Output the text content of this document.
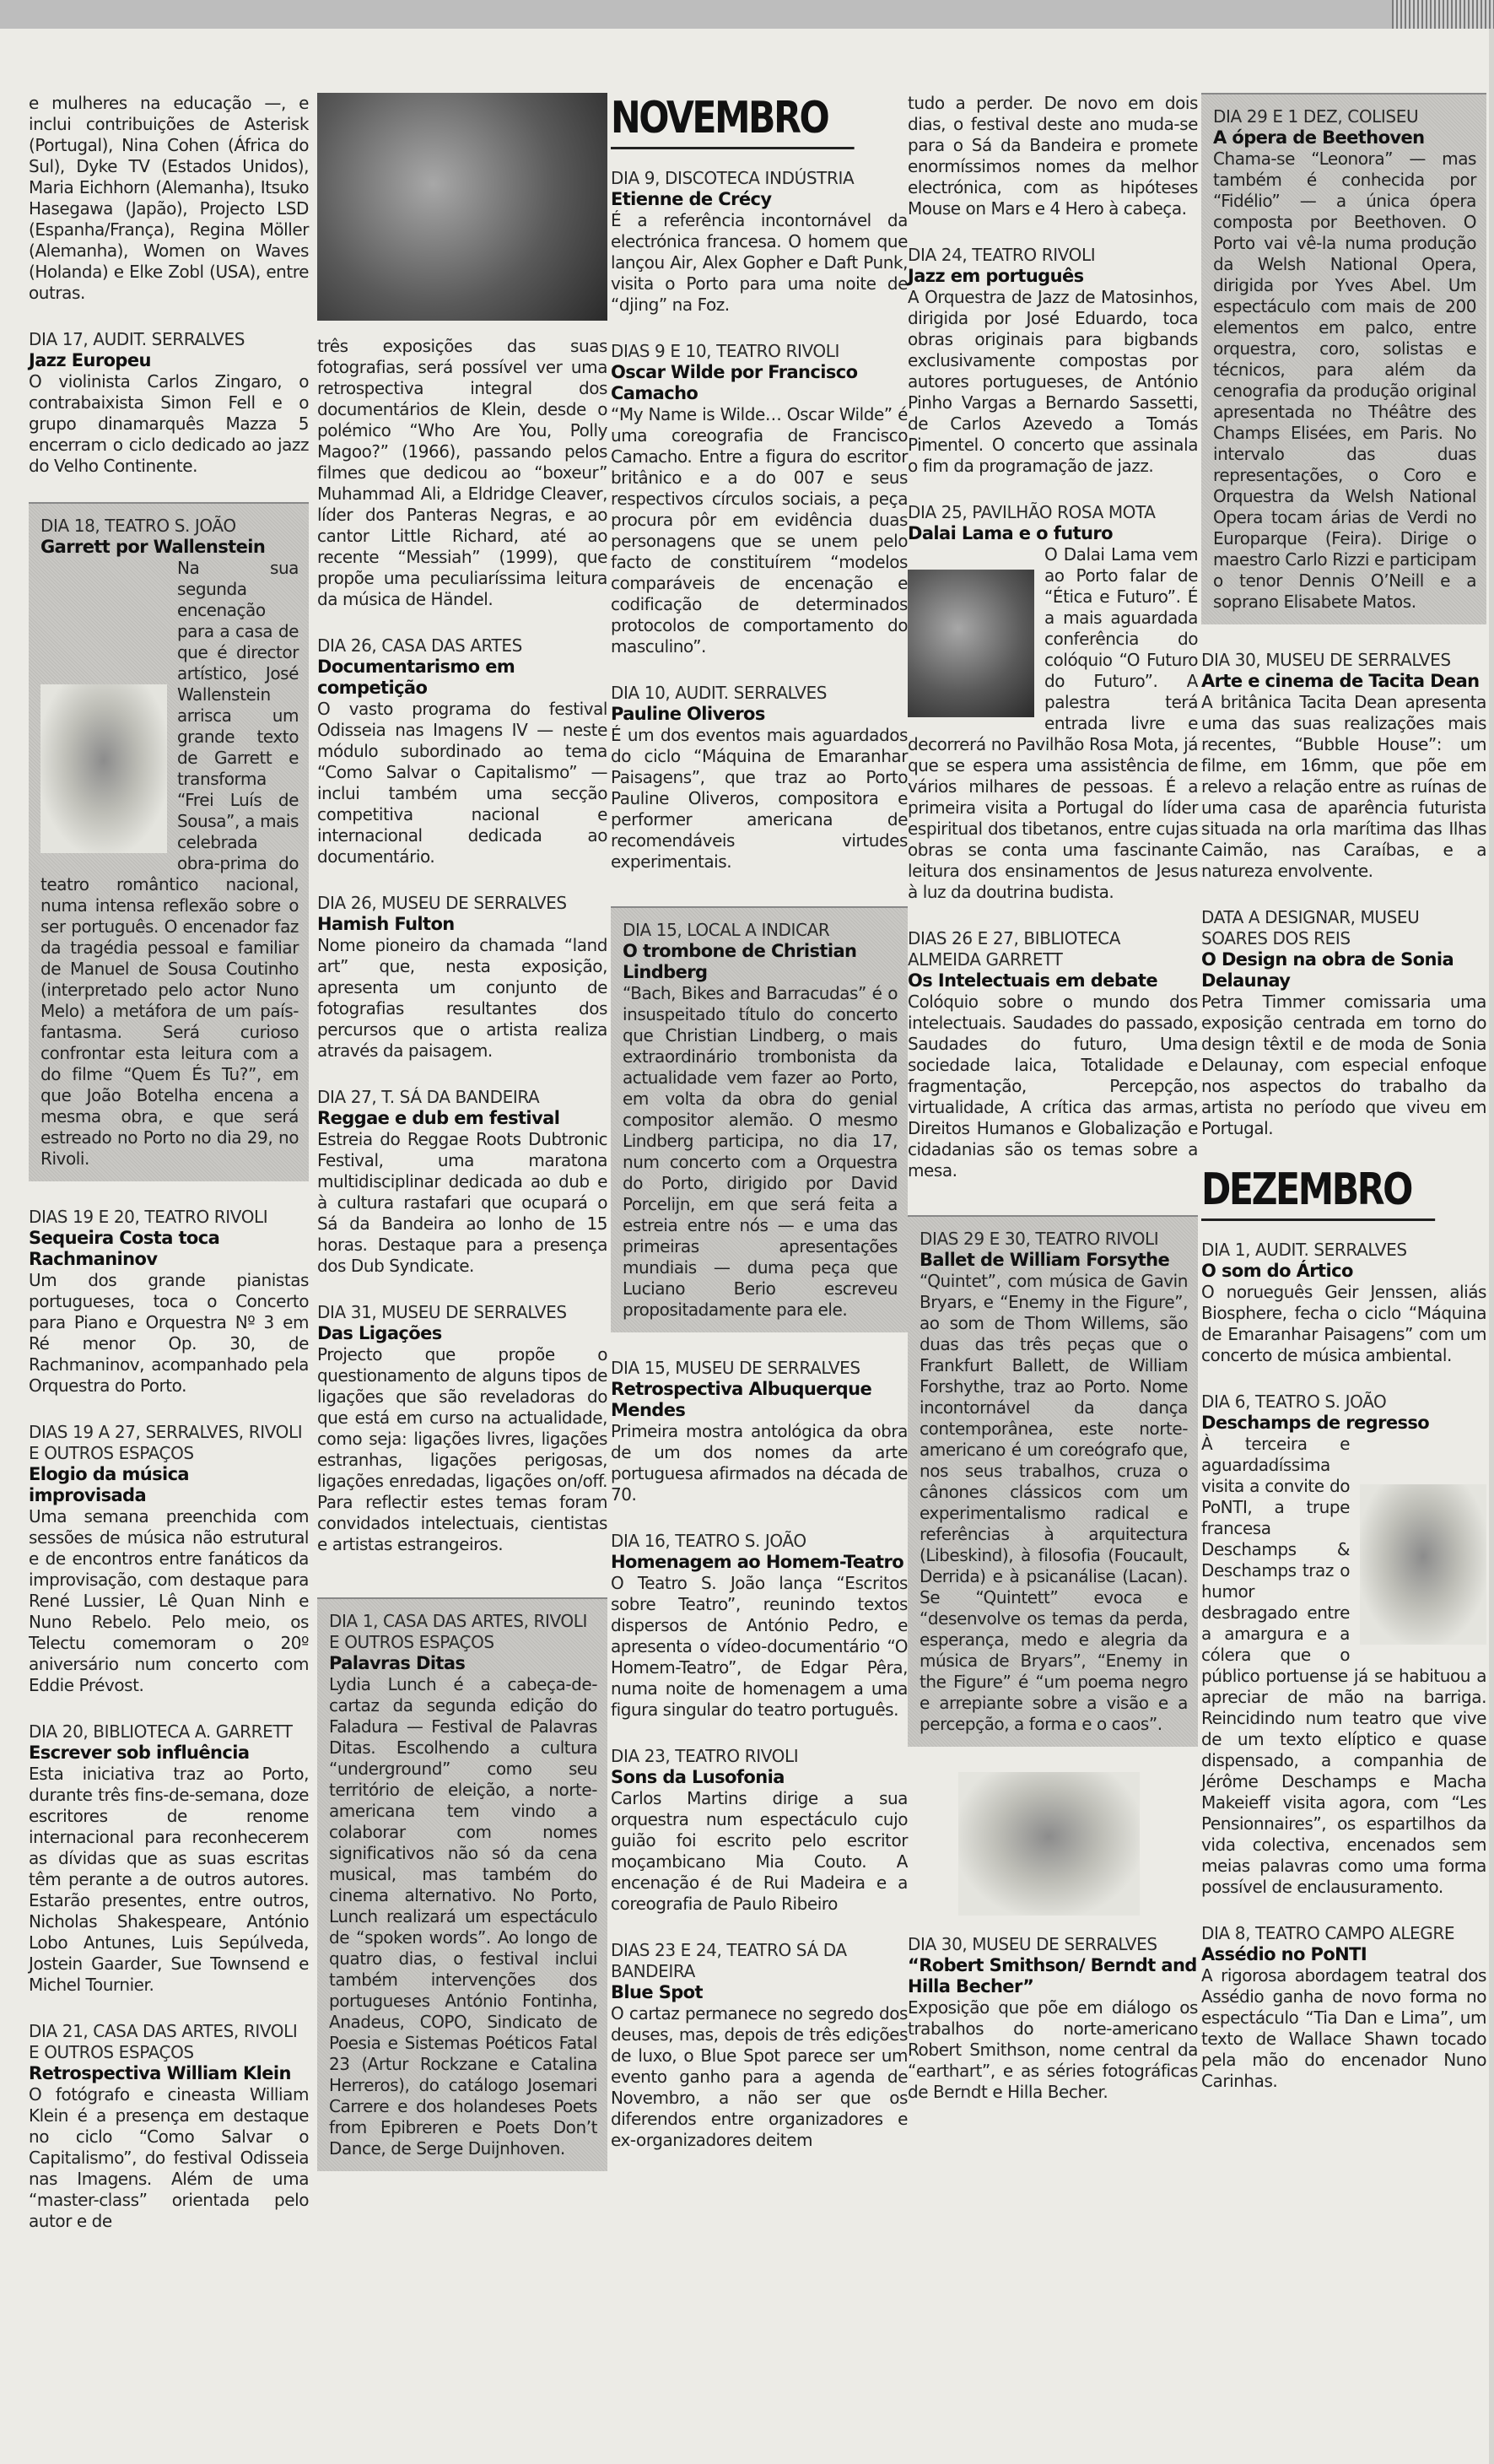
e mulheres na educação —, e inclui contribuições de Asterisk (Portugal), Nina Cohen (África do Sul), Dyke TV (Estados Unidos), Maria Eichhorn (Alemanha), Itsuko Hasegawa (Japão), Projecto LSD (Espanha/França), Regina Möller (Alemanha), Women on Waves (Holanda) e Elke Zobl (USA), entre outras.
DIA 17, AUDIT. SERRALVES
Jazz Europeu
O violinista Carlos Zingaro, o contrabaixista Simon Fell e o grupo dinamarquês Mazza 5 encerram o ciclo dedicado ao jazz do Velho Continente.
DIA 18, TEATRO S. JOÃO
Garrett por Wallenstein
Na sua segunda encenação para a casa de que é director artístico, José Wallenstein arrisca um grande texto de Garrett e transforma “Frei Luís de Sousa”, a mais celebrada obra-prima do teatro romântico nacional, numa intensa reflexão sobre o ser português. O encenador faz da tragédia pessoal e familiar de Manuel de Sousa Coutinho (interpretado pelo actor Nuno Melo) a metáfora de um país-fantasma. Será curioso confrontar esta leitura com a do filme “Quem És Tu?”, em que João Botelha encena a mesma obra, e que será estreado no Porto no dia 29, no Rivoli.
DIAS 19 E 20, TEATRO RIVOLI
Sequeira Costa toca Rachmaninov
Um dos grande pianistas portugueses, toca o Concerto para Piano e Orquestra Nº 3 em Ré menor Op. 30, de Rachmaninov, acompanhado pela Orquestra do Porto.
DIAS 19 A 27, SERRALVES, RIVOLI E OUTROS ESPAÇOS
Elogio da música improvisada
Uma semana preenchida com sessões de música não estrutural e de encontros entre fanáticos da improvisação, com destaque para René Lussier, Lê Quan Ninh e Nuno Rebelo. Pelo meio, os Telectu comemoram o 20º aniversário num concerto com Eddie Prévost.
DIA 20, BIBLIOTECA A. GARRETT
Escrever sob influência
Esta iniciativa traz ao Porto, durante três fins-de-semana, doze escritores de renome internacional para reconhecerem as dívidas que as suas escritas têm perante a de outros autores. Estarão presentes, entre outros, Nicholas Shakespeare, António Lobo Antunes, Luis Sepúlveda, Jostein Gaarder, Sue Townsend e Michel Tournier.
DIA 21, CASA DAS ARTES, RIVOLI E OUTROS ESPAÇOS
Retrospectiva William Klein
O fotógrafo e cineasta William Klein é a presença em destaque no ciclo “Como Salvar o Capitalismo”, do festival Odisseia nas Imagens. Além de uma “master-class” orientada pelo autor e de
três exposições das suas fotografias, será possível ver uma retrospectiva integral dos documentários de Klein, desde o polémico “Who Are You, Polly Magoo?” (1966), passando pelos filmes que dedicou ao “boxeur” Muhammad Ali, a Eldridge Cleaver, líder dos Panteras Negras, e ao cantor Little Richard, até ao recente “Messiah” (1999), que propõe uma peculiaríssima leitura da música de Händel.
DIA 26, CASA DAS ARTES
Documentarismo em competição
O vasto programa do festival Odisseia nas Imagens IV — neste módulo subordinado ao tema “Como Salvar o Capitalismo” — inclui também uma secção competitiva nacional e internacional dedicada ao documentário.
DIA 26, MUSEU DE SERRALVES
Hamish Fulton
Nome pioneiro da chamada “land art” que, nesta exposição, apresenta um conjunto de fotografias resultantes dos percursos que o artista realiza através da paisagem.
DIA 27, T. SÁ DA BANDEIRA
Reggae e dub em festival
Estreia do Reggae Roots Dubtronic Festival, uma maratona multidisciplinar dedicada ao dub e à cultura rastafari que ocupará o Sá da Bandeira ao lonho de 15 horas. Destaque para a presença dos Dub Syndicate.
DIA 31, MUSEU DE SERRALVES
Das Ligações
Projecto que propõe o questionamento de alguns tipos de ligações que são reveladoras do que está em curso na actualidade, como seja: ligações livres, ligações estranhas, ligações perigosas, ligações enredadas, ligações on/off. Para reflectir estes temas foram convidados intelectuais, cientistas e artistas estrangeiros.
DIA 1, CASA DAS ARTES, RIVOLI E OUTROS ESPAÇOS
Palavras Ditas
Lydia Lunch é a cabeça-de-cartaz da segunda edição do Faladura — Festival de Palavras Ditas. Escolhendo a cultura “underground” como seu território de eleição, a norte-americana tem vindo a colaborar com nomes significativos não só da cena musical, mas também do cinema alternativo. No Porto, Lunch realizará um espectáculo de “spoken words”. Ao longo de quatro dias, o festival inclui também intervenções dos portugueses António Fontinha, Anadeus, COPO, Sindicato de Poesia e Sistemas Poéticos Fatal 23 (Artur Rockzane e Catalina Herreros), do catálogo Josemari Carrere e dos holandeses Poets from Epibreren e Poets Don’t Dance, de Serge Duijnhoven.
NOVEMBRO
DIA 9, DISCOTECA INDÚSTRIA
Etienne de Crécy
É a referência incontornável da electrónica francesa. O homem que lançou Air, Alex Gopher e Daft Punk, visita o Porto para uma noite de “djing” na Foz.
DIAS 9 E 10, TEATRO RIVOLI
Oscar Wilde por Francisco Camacho
“My Name is Wilde… Oscar Wilde” é uma coreografia de Francisco Camacho. Entre a figura do escritor britânico e a do 007 e seus respectivos círculos sociais, a peça procura pôr em evidência duas personagens que se unem pelo facto de constituírem “modelos comparáveis de encenação e codificação de determinados protocolos de comportamento do masculino”.
DIA 10, AUDIT. SERRALVES
Pauline Oliveros
É um dos eventos mais aguardados do ciclo “Máquina de Emaranhar Paisagens”, que traz ao Porto Pauline Oliveros, compositora e performer americana de recomendáveis virtudes experimentais.
DIA 15, LOCAL A INDICAR
O trombone de Christian Lindberg
“Bach, Bikes and Barracudas” é o insuspeitado título do concerto que Christian Lindberg, o mais extraordinário trombonista da actualidade vem fazer ao Porto, em volta da obra do genial compositor alemão. O mesmo Lindberg participa, no dia 17, num concerto com a Orquestra do Porto, dirigido por David Porcelijn, em que será feita a estreia entre nós — e uma das primeiras apresentações mundiais — duma peça que Luciano Berio escreveu propositadamente para ele.
DIA 15, MUSEU DE SERRALVES
Retrospectiva Albuquerque Mendes
Primeira mostra antológica da obra de um dos nomes da arte portuguesa afirmados na década de 70.
DIA 16, TEATRO S. JOÃO
Homenagem ao Homem-Teatro
O Teatro S. João lança “Escritos sobre Teatro”, reunindo textos dispersos de António Pedro, e apresenta o vídeo-documentário “O Homem-Teatro”, de Edgar Pêra, numa noite de homenagem a uma figura singular do teatro português.
DIA 23, TEATRO RIVOLI
Sons da Lusofonia
Carlos Martins dirige a sua orquestra num espectáculo cujo guião foi escrito pelo escritor moçambicano Mia Couto. A encenação é de Rui Madeira e a coreografia de Paulo Ribeiro
DIAS 23 E 24, TEATRO SÁ DA BANDEIRA
Blue Spot
O cartaz permanece no segredo dos deuses, mas, depois de três edições de luxo, o Blue Spot parece ser um evento ganho para a agenda de Novembro, a não ser que os diferendos entre organizadores e ex-organizadores deitem
tudo a perder. De novo em dois dias, o festival deste ano muda-se para o Sá da Bandeira e promete enormíssimos nomes da melhor electrónica, com as hipóteses Mouse on Mars e 4 Hero à cabeça.
DIA 24, TEATRO RIVOLI
Jazz em português
A Orquestra de Jazz de Matosinhos, dirigida por José Eduardo, toca obras originais para bigbands exclusivamente compostas por autores portugueses, de António Pinho Vargas a Bernardo Sassetti, de Carlos Azevedo a Tomás Pimentel. O concerto que assinala o fim da programação de jazz.
DIA 25, PAVILHÃO ROSA MOTA
Dalai Lama e o futuro
O Dalai Lama vem ao Porto falar de “Ética e Futuro”. É a mais aguardada conferência do colóquio “O Futuro do Futuro”. A palestra terá entrada livre e decorrerá no Pavilhão Rosa Mota, já que se espera uma assistência de vários milhares de pessoas. É a primeira visita a Portugal do líder espiritual dos tibetanos, entre cujas obras se conta uma fascinante leitura dos ensinamentos de Jesus à luz da doutrina budista.
DIAS 26 E 27, BIBLIOTECA ALMEIDA GARRETT
Os Intelectuais em debate
Colóquio sobre o mundo dos intelectuais. Saudades do passado, Saudades do futuro, Uma sociedade laica, Totalidade e fragmentação, Percepção, virtualidade, A crítica das armas, Direitos Humanos e Globalização e cidadanias são os temas sobre a mesa.
DIAS 29 E 30, TEATRO RIVOLI
Ballet de William Forsythe
“Quintet”, com música de Gavin Bryars, e “Enemy in the Figure”, ao som de Thom Willems, são duas das três peças que o Frankfurt Ballett, de William Forshythe, traz ao Porto. Nome incontornável da dança contemporânea, este norte-americano é um coreógrafo que, nos seus trabalhos, cruza o cânones clássicos com um experimentalismo radical e referências à arquitectura (Libeskind), à filosofia (Foucault, Derrida) e à psicanálise (Lacan). Se “Quintett” evoca e “desenvolve os temas da perda, esperança, medo e alegria da música de Bryars”, “Enemy in the Figure” é “um poema negro e arrepiante sobre a visão e a percepção, a forma e o caos”.
DIA 30, MUSEU DE SERRALVES
“Robert Smithson/ Berndt and Hilla Becher”
Exposição que põe em diálogo os trabalhos do norte-americano Robert Smithson, nome central da “earthart”, e as séries fotográficas de Berndt e Hilla Becher.
DIA 29 E 1 DEZ, COLISEU
A ópera de Beethoven
Chama-se “Leonora” — mas também é conhecida por “Fidélio” — a única ópera composta por Beethoven. O Porto vai vê-la numa produção da Welsh National Opera, dirigida por Yves Abel. Um espectáculo com mais de 200 elementos em palco, entre orquestra, coro, solistas e técnicos, para além da cenografia da produção original apresentada no Théâtre des Champs Elisées, em Paris. No intervalo das duas representações, o Coro e Orquestra da Welsh National Opera tocam árias de Verdi no Europarque (Feira). Dirige o maestro Carlo Rizzi e participam o tenor Dennis O’Neill e a soprano Elisabete Matos.
DIA 30, MUSEU DE SERRALVES
Arte e cinema de Tacita Dean
A britânica Tacita Dean apresenta uma das suas realizações mais recentes, “Bubble House”: um filme, em 16mm, que põe em relevo a relação entre as ruínas de uma casa de aparência futurista situada na orla marítima das Ilhas Caimão, nas Caraíbas, e a natureza envolvente.
DATA A DESIGNAR, MUSEU SOARES DOS REIS
O Design na obra de Sonia Delaunay
Petra Timmer comissaria uma exposição centrada em torno do design têxtil e de moda de Sonia Delaunay, com especial enfoque nos aspectos do trabalho da artista no período que viveu em Portugal.
DEZEMBRO
DIA 1, AUDIT. SERRALVES
O som do Ártico
O norueguês Geir Jenssen, aliás Biosphere, fecha o ciclo “Máquina de Emaranhar Paisagens” com um concerto de música ambiental.
DIA 6, TEATRO S. JOÃO
Deschamps de regresso
À terceira e aguardadíssima visita a convite do PoNTI, a trupe francesa Deschamps & Deschamps traz o humor desbragado entre a amargura e a cólera que o público portuense já se habituou a apreciar de mão na barriga. Reincidindo num teatro que vive de um texto elíptico e quase dispensado, a companhia de Jérôme Deschamps e Macha Makeieff visita agora, com “Les Pensionnaires”, os espartilhos da vida colectiva, encenados sem meias palavras como uma forma possível de enclausuramento.
DIA 8, TEATRO CAMPO ALEGRE
Assédio no PoNTI
A rigorosa abordagem teatral dos Assédio ganha de novo forma no espectáculo “Tia Dan e Lima”, um texto de Wallace Shawn tocado pela mão do encenador Nuno Carinhas.
